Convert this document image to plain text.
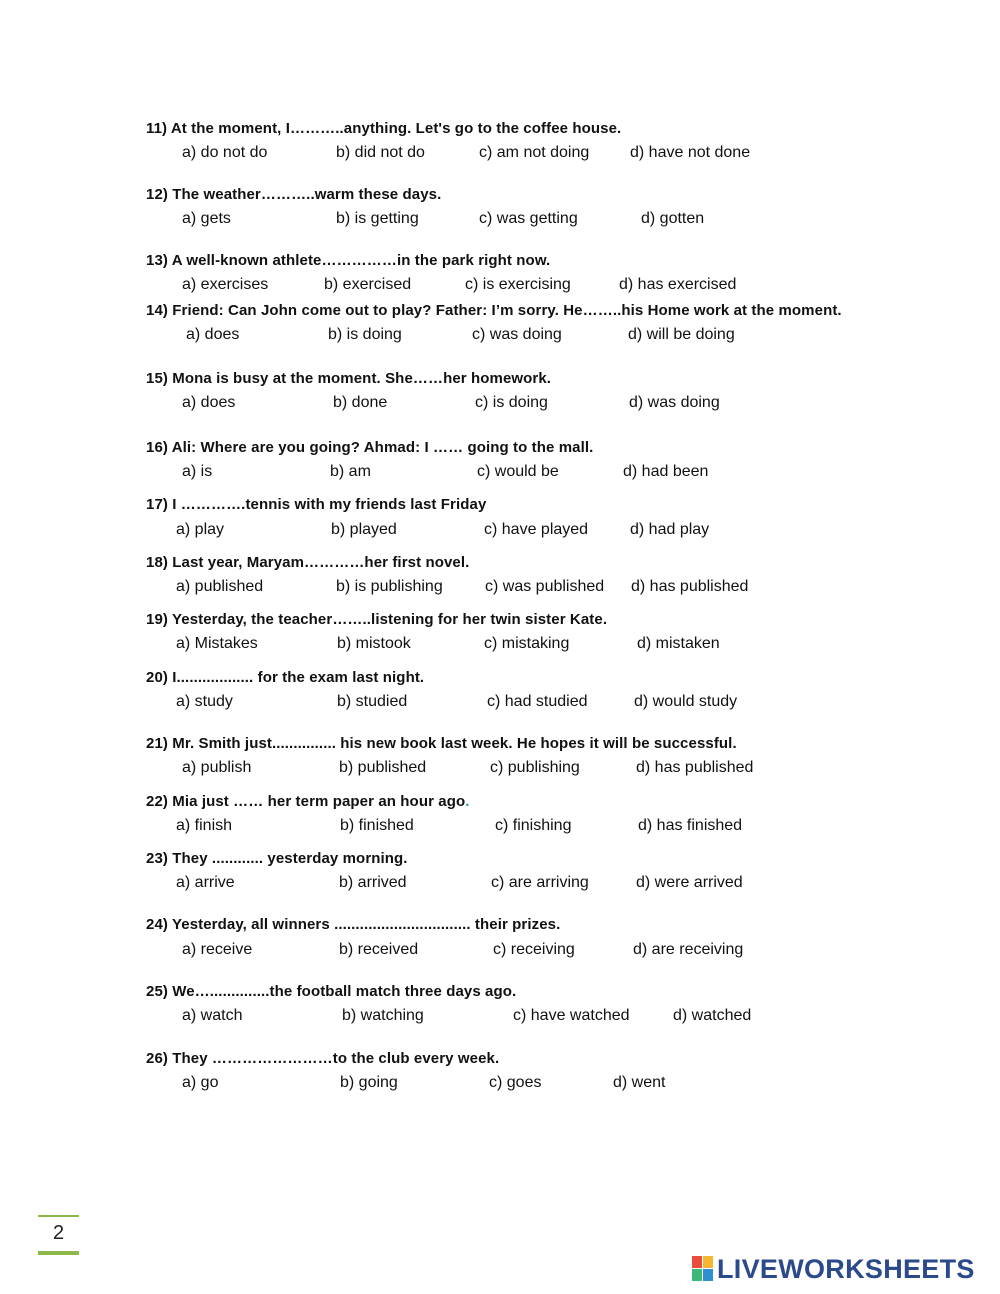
11) At the moment, I………..anything. Let's go to the coffee house.
a) do not do	b) did not do	c) am not doing	d) have not done
12) The weather………..warm these days.
a) gets	b) is getting	c) was getting	d) gotten
13) A well-known athlete……………in the park right now.
a) exercises	b) exercised	c) is exercising	d) has exercised
14) Friend: Can John come out to play? Father: I’m sorry. He……..his Home work at the moment.
a) does	b) is doing	c) was doing	d) will be doing
15) Mona is busy at the moment. She……her homework.
a) does	b) done	c) is doing	d) was doing
16) Ali: Where are you going? Ahmad: I …… going to the mall.
a) is	b) am	c) would be	d) had been
17) I ………….tennis with my friends last Friday
a) play	b) played	c) have played	d) had play
18) Last year, Maryam…………her first novel.
a) published	b) is publishing	c) was published d) has published
19) Yesterday, the teacher……..listening for her twin sister Kate.
a) Mistakes	b) mistook	c) mistaking	d) mistaken
20) I.................. for the exam last night.
a) study	b) studied	c) had studied	d) would study
21) Mr. Smith just............... his new book last week. He hopes it will be successful.
a) publish	b) published	c) publishing	d) has published
22) Mia just …… her term paper an hour ago.
a) finish	b) finished	c) finishing	d) has finished
23) They ............ yesterday morning.
a) arrive	b) arrived	c) are arriving	d) were arrived
24) Yesterday, all winners ................................ their prizes.
a) receive	b) received	c) receiving	d) are receiving
25) We…..............the football match three days ago.
a) watch	b) watching	c) have watched	d) watched
26) They ……………………to the club every week.
a) go	b) going	c) goes	d) went
2
LIVEWORKSHEETS
